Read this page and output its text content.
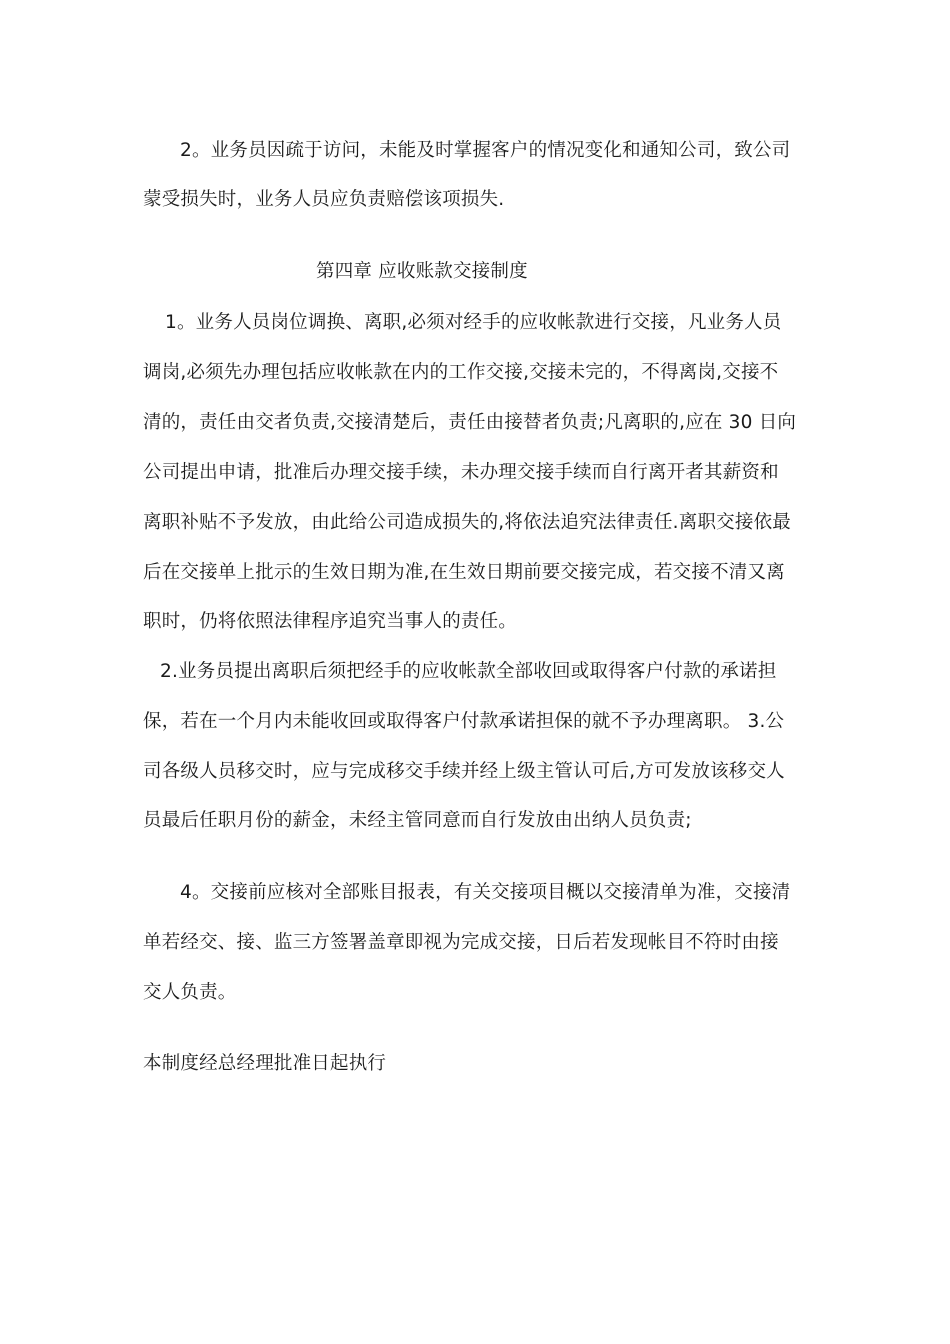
2。业务员因疏于访问，未能及时掌握客户的情况变化和通知公司，致公司
蒙受损失时，业务人员应负责赔偿该项损失.
第四章 应收账款交接制度
1。业务人员岗位调换、离职,必须对经手的应收帐款进行交接，凡业务人员
调岗,必须先办理包括应收帐款在内的工作交接,交接未完的，不得离岗,交接不
清的，责任由交者负责,交接清楚后，责任由接替者负责;凡离职的,应在 30 日向
公司提出申请，批准后办理交接手续，未办理交接手续而自行离开者其薪资和
离职补贴不予发放，由此给公司造成损失的,将依法追究法律责任.离职交接依最
后在交接单上批示的生效日期为准,在生效日期前要交接完成，若交接不清又离
职时，仍将依照法律程序追究当事人的责任。
2.业务员提出离职后须把经手的应收帐款全部收回或取得客户付款的承诺担
保，若在一个月内未能收回或取得客户付款承诺担保的就不予办理离职。 3.公
司各级人员移交时，应与完成移交手续并经上级主管认可后,方可发放该移交人
员最后任职月份的薪金，未经主管同意而自行发放由出纳人员负责;
4。交接前应核对全部账目报表，有关交接项目概以交接清单为准，交接清
单若经交、接、监三方签署盖章即视为完成交接，日后若发现帐目不符时由接
交人负责。
本制度经总经理批准日起执行
